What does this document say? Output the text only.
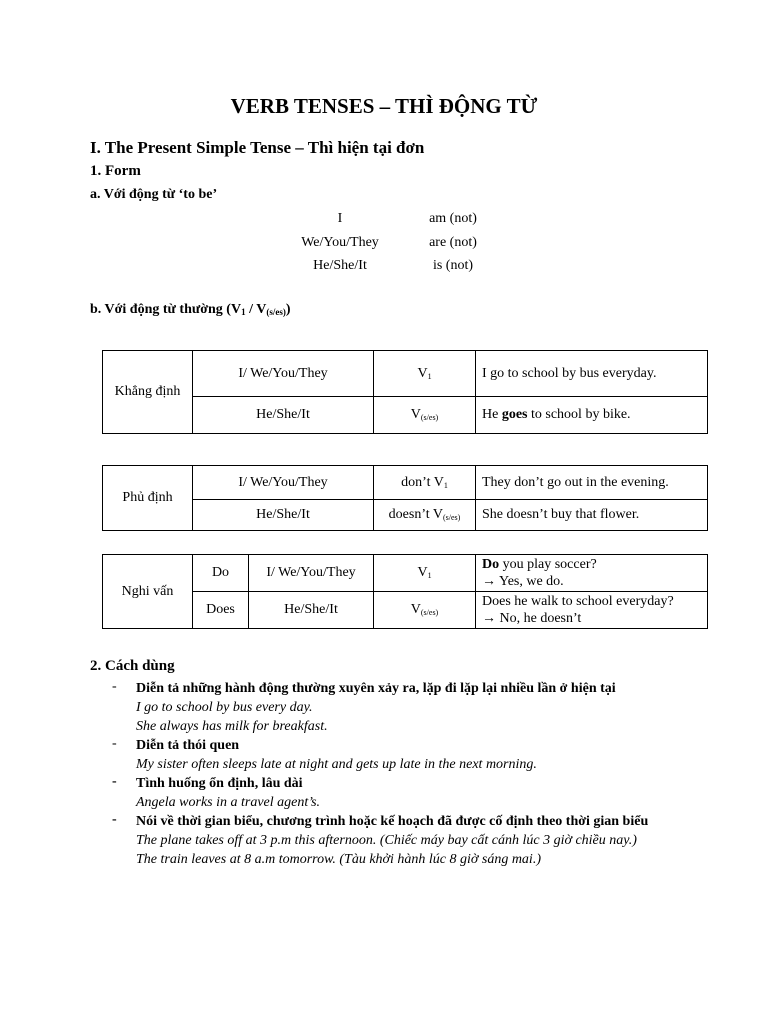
VERB TENSES – THÌ ĐỘNG TỪ
I. The Present Simple Tense – Thì hiện tại đơn
1. Form
a. Với động từ ‘to be’
I	am (not)
We/You/They	are (not)
He/She/It	is (not)
b. Với động từ thường $(V_1 / V_{(s/es)})$
Khẳng định	I/ We/You/They	$V_1$	I go to school by bus everyday.
	He/She/It	$V_{(s/es)}$	He goes to school by bike.
Phủ định	I/ We/You/They	don’t $V_1$	They don’t go out in the evening.
	He/She/It	doesn’t $V_{(s/es)}$	She doesn’t buy that flower.
Nghi vấn	Do	I/ We/You/They	$V_1$	Do you play soccer?
→ Yes, we do.
	Does	He/She/It	$V_{(s/es)}$	Does he walk to school everyday?
→ No, he doesn’t
2. Cách dùng
- Diễn tả những hành động thường xuyên xảy ra, lặp đi lặp lại nhiều lần ở hiện tại
I go to school by bus every day.
She always has milk for breakfast.
- Diễn tả thói quen
My sister often sleeps late at night and gets up late in the next morning.
- Tình huống ổn định, lâu dài
Angela works in a travel agent’s.
- Nói về thời gian biểu, chương trình hoặc kế hoạch đã được cố định theo thời gian biểu
The plane takes off at 3 p.m this afternoon. (Chiếc máy bay cất cánh lúc 3 giờ chiều nay.)
The train leaves at 8 a.m tomorrow. (Tàu khởi hành lúc 8 giờ sáng mai.)
